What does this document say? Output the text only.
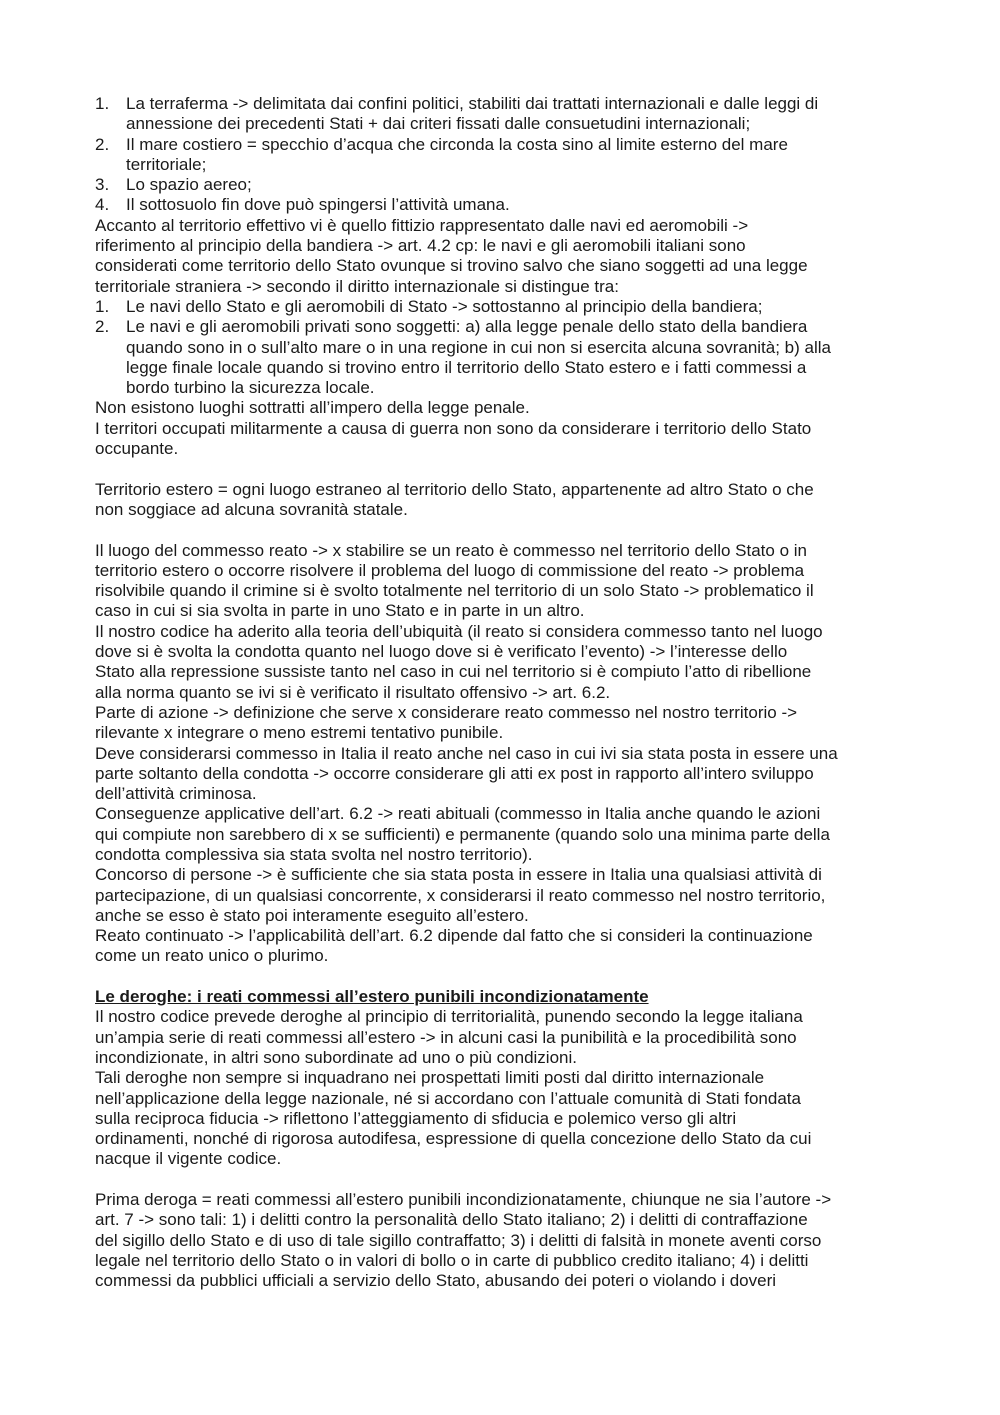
1. La terraferma -> delimitata dai confini politici, stabiliti dai trattati internazionali e dalle leggi di
annessione dei precedenti Stati + dai criteri fissati dalle consuetudini internazionali;
2. Il mare costiero = specchio d’acqua che circonda la costa sino al limite esterno del mare
territoriale;
3. Lo spazio aereo;
4. Il sottosuolo fin dove può spingersi l’attività umana.
Accanto al territorio effettivo vi è quello fittizio rappresentato dalle navi ed aeromobili ->
riferimento al principio della bandiera -> art. 4.2 cp: le navi e gli aeromobili italiani sono
considerati come territorio dello Stato ovunque si trovino salvo che siano soggetti ad una legge
territoriale straniera -> secondo il diritto internazionale si distingue tra:
1. Le navi dello Stato e gli aeromobili di Stato -> sottostanno al principio della bandiera;
2. Le navi e gli aeromobili privati sono soggetti: a) alla legge penale dello stato della bandiera
quando sono in o sull’alto mare o in una regione in cui non si esercita alcuna sovranità; b) alla
legge finale locale quando si trovino entro il territorio dello Stato estero e i fatti commessi a
bordo turbino la sicurezza locale.
Non esistono luoghi sottratti all’impero della legge penale.
I territori occupati militarmente a causa di guerra non sono da considerare i territorio dello Stato
occupante.
Territorio estero = ogni luogo estraneo al territorio dello Stato, appartenente ad altro Stato o che
non soggiace ad alcuna sovranità statale.
Il luogo del commesso reato -> x stabilire se un reato è commesso nel territorio dello Stato o in
territorio estero o occorre risolvere il problema del luogo di commissione del reato -> problema
risolvibile quando il crimine si è svolto totalmente nel territorio di un solo Stato -> problematico il
caso in cui si sia svolta in parte in uno Stato e in parte in un altro.
Il nostro codice ha aderito alla teoria dell’ubiquità (il reato si considera commesso tanto nel luogo
dove si è svolta la condotta quanto nel luogo dove si è verificato l’evento) -> l’interesse dello
Stato alla repressione sussiste tanto nel caso in cui nel territorio si è compiuto l’atto di ribellione
alla norma quanto se ivi si è verificato il risultato offensivo -> art. 6.2.
Parte di azione -> definizione che serve x considerare reato commesso nel nostro territorio ->
rilevante x integrare o meno estremi tentativo punibile.
Deve considerarsi commesso in Italia il reato anche nel caso in cui ivi sia stata posta in essere una
parte soltanto della condotta -> occorre considerare gli atti ex post in rapporto all’intero sviluppo
dell’attività criminosa.
Conseguenze applicative dell’art. 6.2 -> reati abituali (commesso in Italia anche quando le azioni
qui compiute non sarebbero di x se sufficienti) e permanente (quando solo una minima parte della
condotta complessiva sia stata svolta nel nostro territorio).
Concorso di persone -> è sufficiente che sia stata posta in essere in Italia una qualsiasi attività di
partecipazione, di un qualsiasi concorrente, x considerarsi il reato commesso nel nostro territorio,
anche se esso è stato poi interamente eseguito all’estero.
Reato continuato -> l’applicabilità dell’art. 6.2 dipende dal fatto che si consideri la continuazione
come un reato unico o plurimo.
Le deroghe: i reati commessi all’estero punibili incondizionatamente
Il nostro codice prevede deroghe al principio di territorialità, punendo secondo la legge italiana
un’ampia serie di reati commessi all’estero -> in alcuni casi la punibilità e la procedibilità sono
incondizionate, in altri sono subordinate ad uno o più condizioni.
Tali deroghe non sempre si inquadrano nei prospettati limiti posti dal diritto internazionale
nell’applicazione della legge nazionale, né si accordano con l’attuale comunità di Stati fondata
sulla reciproca fiducia -> riflettono l’atteggiamento di sfiducia e polemico verso gli altri
ordinamenti, nonché di rigorosa autodifesa, espressione di quella concezione dello Stato da cui
nacque il vigente codice.
Prima deroga = reati commessi all’estero punibili incondizionatamente, chiunque ne sia l’autore ->
art. 7 -> sono tali: 1) i delitti contro la personalità dello Stato italiano; 2) i delitti di contraffazione
del sigillo dello Stato e di uso di tale sigillo contraffatto; 3) i delitti di falsità in monete aventi corso
legale nel territorio dello Stato o in valori di bollo o in carte di pubblico credito italiano; 4) i delitti
commessi da pubblici ufficiali a servizio dello Stato, abusando dei poteri o violando i doveri
